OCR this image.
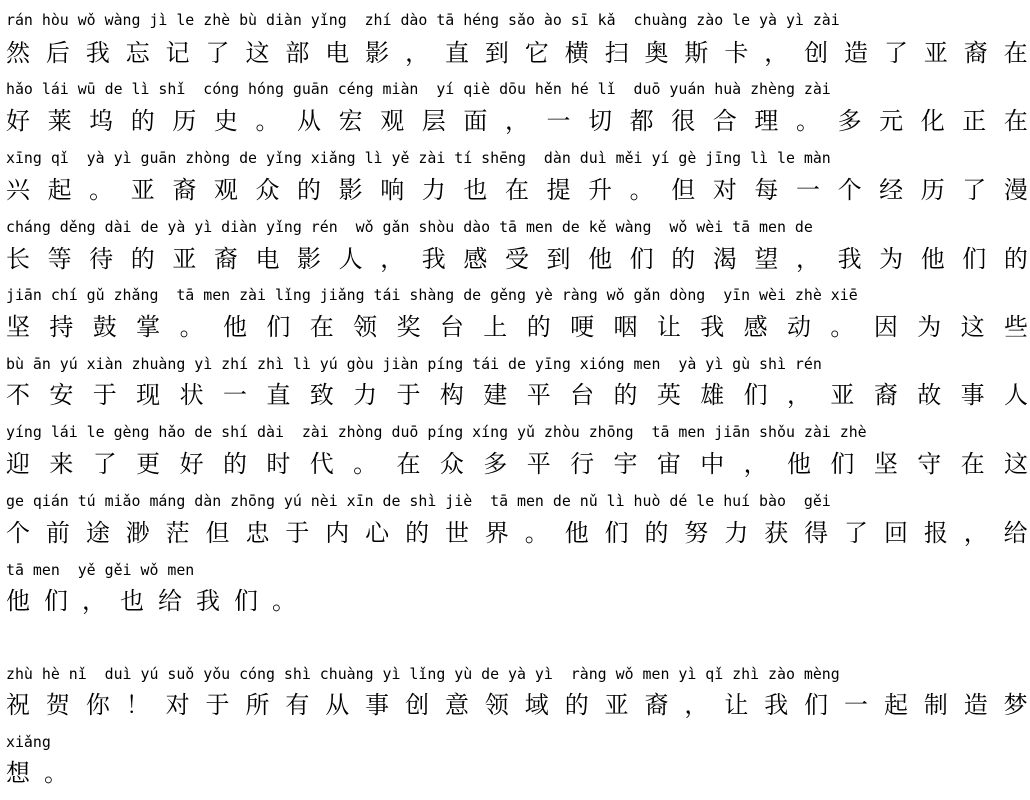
rán hòu wǒ wàng jì le zhè bù diàn yǐng  zhí dào tā héng sǎo ào sī kǎ  chuàng zào le yà yì zài
然 后 我 忘 记 了 这 部 电 影 ， 直 到 它 横 扫 奥 斯 卡 ， 创 造 了 亚 裔 在
hǎo lái wū de lì shǐ  cóng hóng guān céng miàn  yí qiè dōu hěn hé lǐ  duō yuán huà zhèng zài
好 莱 坞 的 历 史 。 从 宏 观 层 面 ， 一 切 都 很 合 理 。 多 元 化 正 在
xīng qǐ  yà yì guān zhòng de yǐng xiǎng lì yě zài tí shēng  dàn duì měi yí gè jīng lì le màn
兴 起 。 亚 裔 观 众 的 影 响 力 也 在 提 升 。 但 对 每 一 个 经 历 了 漫
cháng děng dài de yà yì diàn yǐng rén  wǒ gǎn shòu dào tā men de kě wàng  wǒ wèi tā men de
长 等 待 的 亚 裔 电 影 人 ， 我 感 受 到 他 们 的 渴 望 ， 我 为 他 们 的
jiān chí gǔ zhǎng  tā men zài lǐng jiǎng tái shàng de gěng yè ràng wǒ gǎn dòng  yīn wèi zhè xiē
坚 持 鼓 掌 。 他 们 在 领 奖 台 上 的 哽 咽 让 我 感 动 。 因 为 这 些
bù ān yú xiàn zhuàng yì zhí zhì lì yú gòu jiàn píng tái de yīng xióng men  yà yì gù shì rén
不 安 于 现 状 一 直 致 力 于 构 建 平 台 的 英 雄 们 ， 亚 裔 故 事 人
yíng lái le gèng hǎo de shí dài  zài zhòng duō píng xíng yǔ zhòu zhōng  tā men jiān shǒu zài zhè
迎 来 了 更 好 的 时 代 。 在 众 多 平 行 宇 宙 中 ， 他 们 坚 守 在 这
ge qián tú miǎo máng dàn zhōng yú nèi xīn de shì jiè  tā men de nǔ lì huò dé le huí bào  gěi
个 前 途 渺 茫 但 忠 于 内 心 的 世 界 。 他 们 的 努 力 获 得 了 回 报 ， 给
tā men  yě gěi wǒ men
他 们 ， 也 给 我 们 。
zhù hè nǐ  duì yú suǒ yǒu cóng shì chuàng yì lǐng yù de yà yì  ràng wǒ men yì qǐ zhì zào mèng
祝 贺 你 ！ 对 于 所 有 从 事 创 意 领 域 的 亚 裔 ， 让 我 们 一 起 制 造 梦
xiǎng
想 。
